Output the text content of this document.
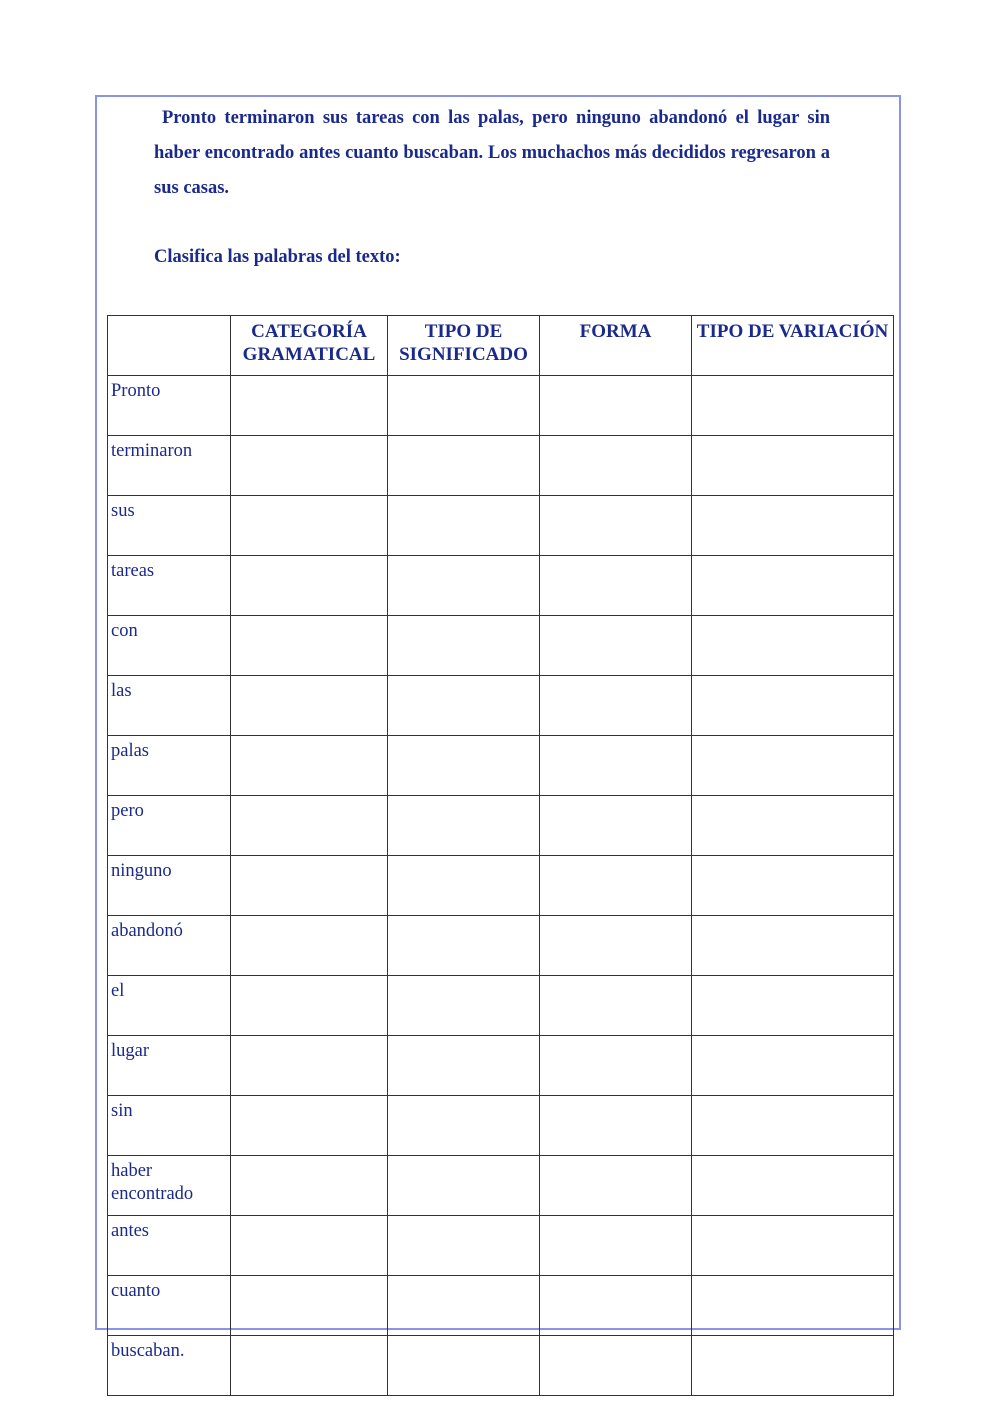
Pronto terminaron sus tareas con las palas, pero ninguno abandonó el lugar sin haber encontrado antes cuanto buscaban. Los muchachos más decididos regresaron a sus casas.

Clasifica las palabras del texto:

	CATEGORÍA GRAMATICAL	TIPO DE SIGNIFICADO	FORMA	TIPO DE VARIACIÓN
Pronto				
terminaron				
sus				
tareas				
con				
las				
palas				
pero				
ninguno				
abandonó				
el				
lugar				
sin				
haber encontrado				
antes				
cuanto				
buscaban.				
